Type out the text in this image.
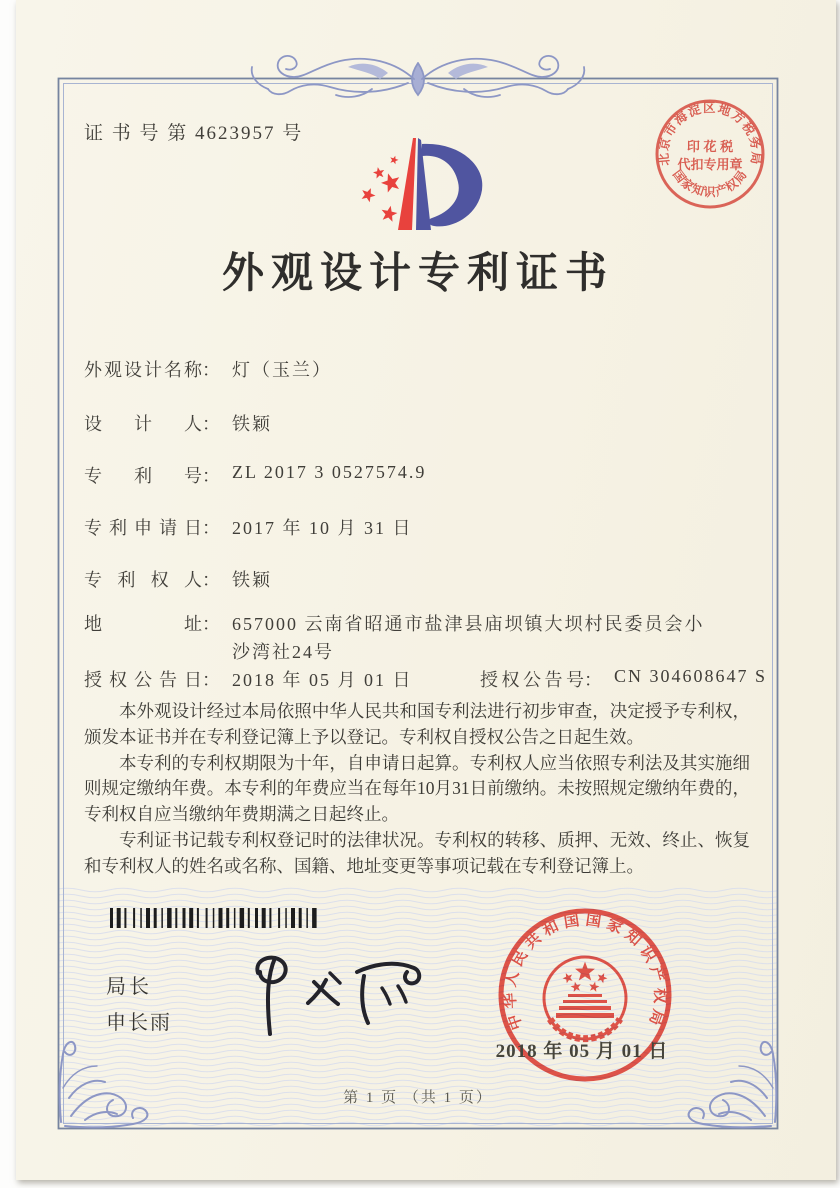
北京市海淀区地方税务局
国家知识产权局
印 花 税
代扣专用章
证 书 号 第 4623957 号
外观设计专利证书
外观设计名称： 灯（玉兰）
设计人： 铁颖
专利号： ZL 2017 3 0527574.9
专利申请日： 2017 年 10 月 31 日
专利权人： 铁颖
地址： 657000 云南省昭通市盐津县庙坝镇大坝村民委员会小沙湾社24号
授权公告日： 2018 年 05 月 01 日	授权公告号： CN 304608647 S

本外观设计经过本局依照中华人民共和国专利法进行初步审查，决定授予专利权，颁发本证书并在专利登记簿上予以登记。专利权自授权公告之日起生效。

本专利的专利权期限为十年，自申请日起算。专利权人应当依照专利法及其实施细则规定缴纳年费。本专利的年费应当在每年10月31日前缴纳。未按照规定缴纳年费的，专利权自应当缴纳年费期满之日起终止。

专利证书记载专利权登记时的法律状况。专利权的转移、质押、无效、终止、恢复和专利权人的姓名或名称、国籍、地址变更等事项记载在专利登记簿上。

局长
申长雨	中华人民共和国国家知识产权局
2018 年 05 月 01 日
第 1 页 （共 1 页）
